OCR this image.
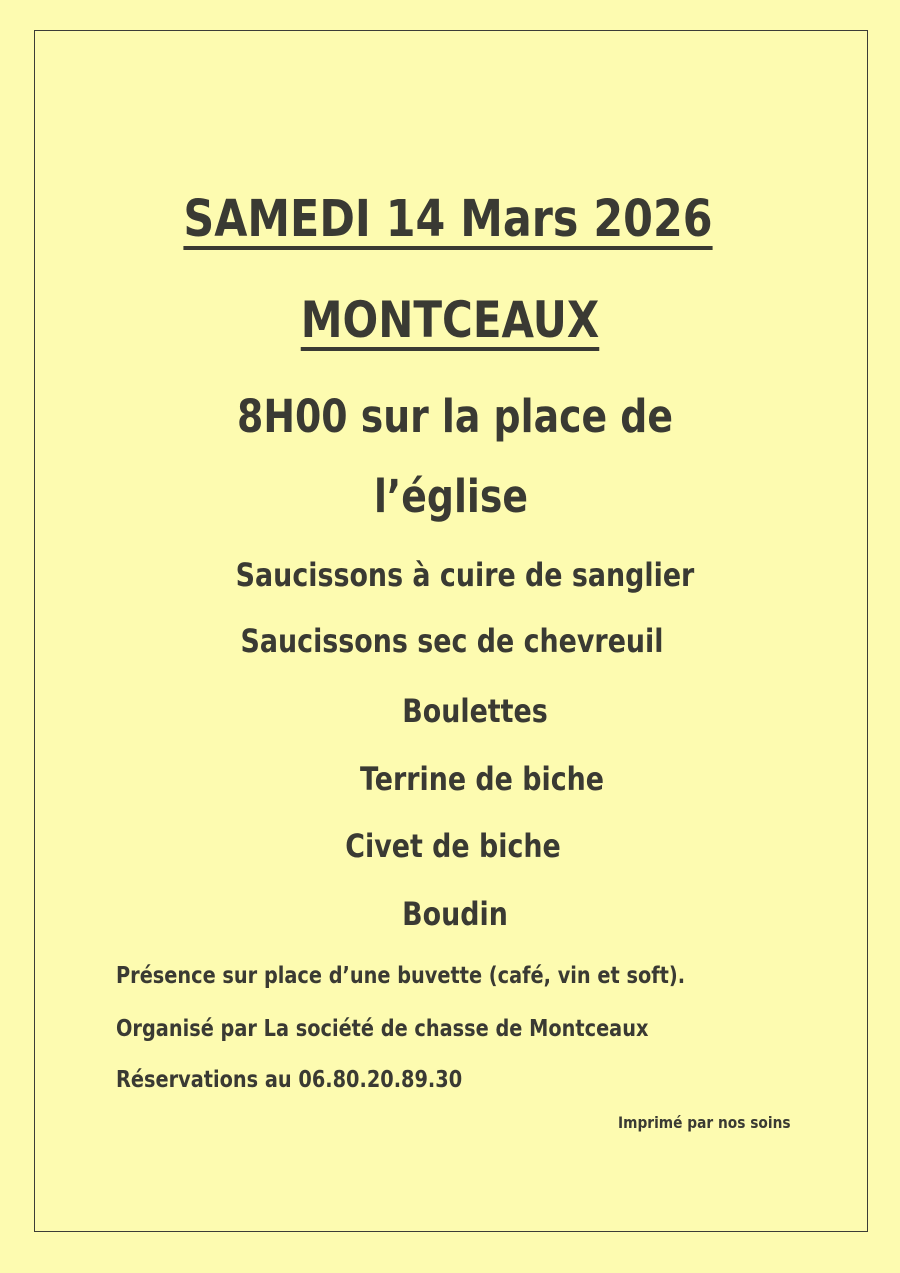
SAMEDI 14 Mars 2026
MONTCEAUX
8H00 sur la place de
l’église
Saucissons à cuire de sanglier
Saucissons sec de chevreuil
Boulettes
Terrine de biche
Civet de biche
Boudin
Présence sur place d’une buvette (café, vin et soft).
Organisé par La société de chasse de Montceaux
Réservations au 06.80.20.89.30
Imprimé par nos soins
